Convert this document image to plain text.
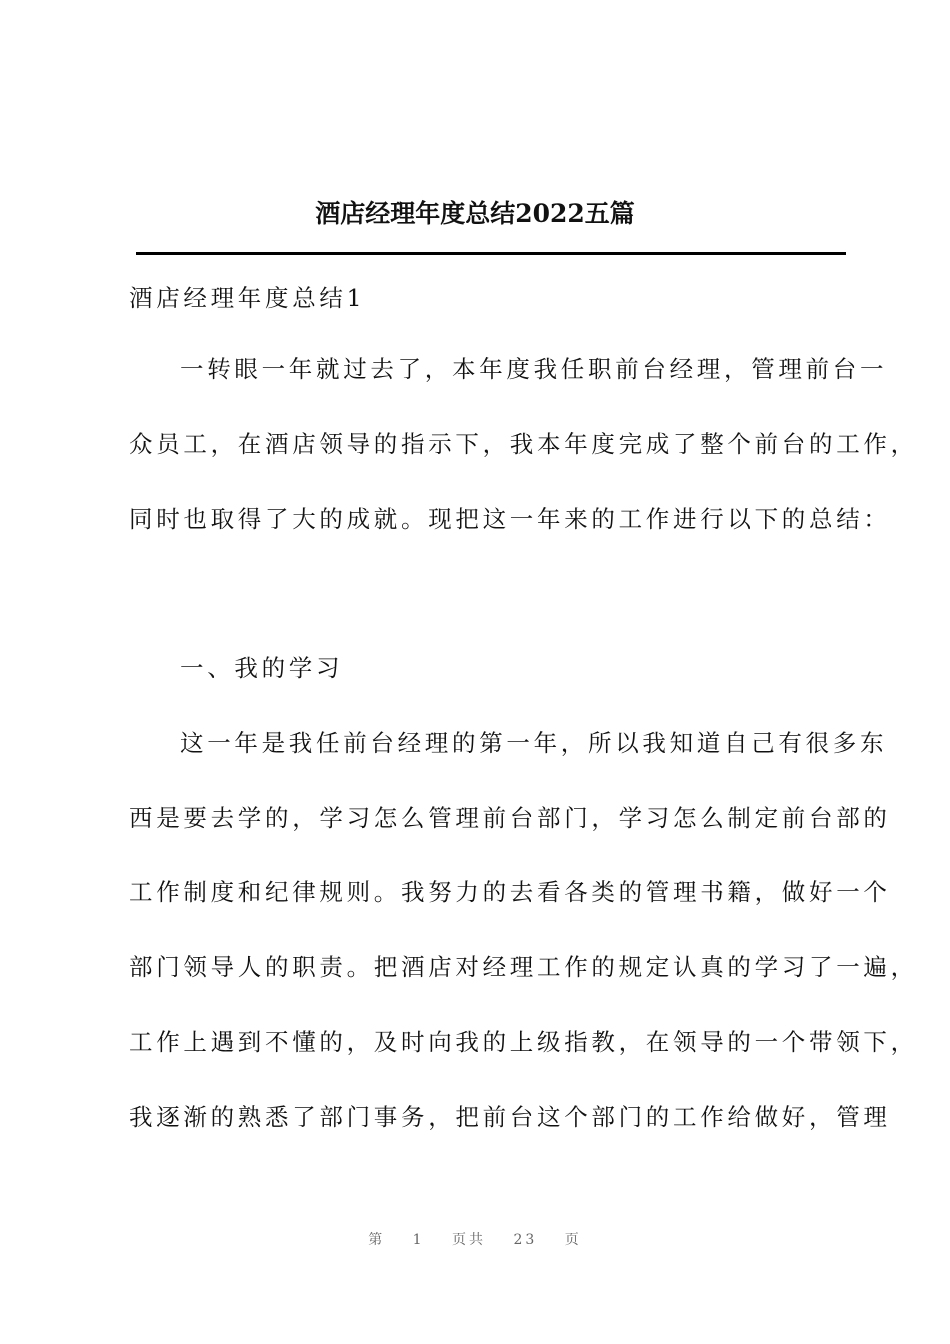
酒店经理年度总结2022五篇
酒店经理年度总结1
一转眼一年就过去了，本年度我任职前台经理，管理前台一
众员工，在酒店领导的指示下，我本年度完成了整个前台的工作，
同时也取得了大的成就。现把这一年来的工作进行以下的总结：
一、我的学习
这一年是我任前台经理的第一年，所以我知道自己有很多东
西是要去学的，学习怎么管理前台部门，学习怎么制定前台部的
工作制度和纪律规则。我努力的去看各类的管理书籍，做好一个
部门领导人的职责。把酒店对经理工作的规定认真的学习了一遍，
工作上遇到不懂的，及时向我的上级指教，在领导的一个带领下，
我逐渐的熟悉了部门事务，把前台这个部门的工作给做好，管理
第 1 页共 23 页
